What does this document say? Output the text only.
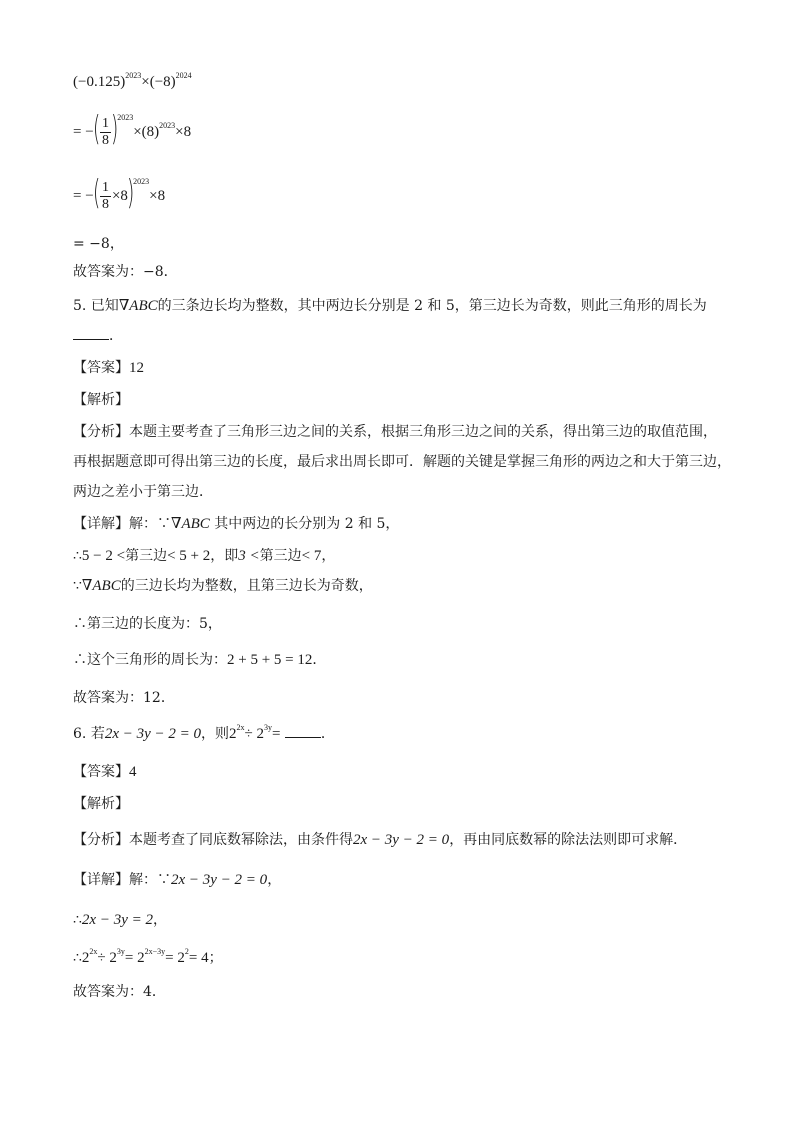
$(-0.125)^{2023}\times(-8)^{2024}$
= −( $\frac{1}{8} )^{2023}\times(8)^{2023}\times 8$
= −( $\frac{1}{8} \times 8)^{2023}\times 8$
= −8，
故答案为：−8．
5. 已知∇ABC的三条边长均为整数，其中两边长分别是 2 和 5，第三边长为奇数，则此三角形的周长为
．
【答案】12
【解析】
【分析】本题主要考查了三角形三边之间的关系，根据三角形三边之间的关系，得出第三边的取值范围，
再根据题意即可得出第三边的长度，最后求出周长即可．解题的关键是掌握三角形的两边之和大于第三边，
两边之差小于第三边．
【详解】解：∵∇ABC 其中两边的长分别为 2 和 5，
∴5 − 2 <第三边< 5 + 2，即3 <第三边< 7，
∵∇ABC的三边长均为整数，且第三边长为奇数，
∴第三边的长度为：5，
∴这个三角形的周长为：2 + 5 + 5 = 12．
故答案为：12．
6. 若2x − 3y − 2 = 0，则$2^{2x}\div 2^{3y}=$	．
【答案】4
【解析】
【分析】本题考查了同底数幂除法，由条件得2x − 3y − 2 = 0，再由同底数幂的除法法则即可求解．
【详解】解：∵2x − 3y − 2 = 0，
∴2x − 3y = 2，
$\therefore 2^{2x}\div 2^{3y}= 2^{2x-3y}= 2^2= 4$；
故答案为：4．
